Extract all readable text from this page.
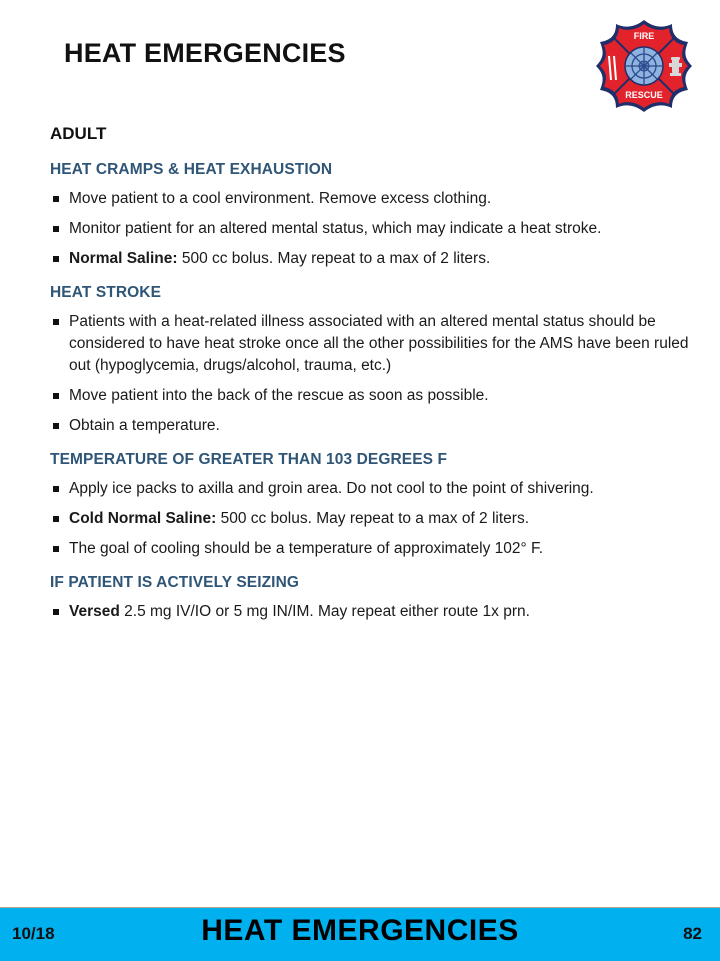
HEAT EMERGENCIES
FIRE
RESCUE
ADULT
HEAT CRAMPS & HEAT EXHAUSTION
Move patient to a cool environment. Remove excess clothing.
Monitor patient for an altered mental status, which may indicate a heat stroke.
Normal Saline: 500 cc bolus. May repeat to a max of 2 liters.
HEAT STROKE
Patients with a heat-related illness associated with an altered mental status should be considered to have heat stroke once all the other possibilities for the AMS have been ruled out (hypoglycemia, drugs/alcohol, trauma, etc.)
Move patient into the back of the rescue as soon as possible.
Obtain a temperature.
TEMPERATURE OF GREATER THAN 103 DEGREES F
Apply ice packs to axilla and groin area. Do not cool to the point of shivering.
Cold Normal Saline: 500 cc bolus. May repeat to a max of 2 liters.
The goal of cooling should be a temperature of approximately 102° F.
IF PATIENT IS ACTIVELY SEIZING
Versed 2.5 mg IV/IO or 5 mg IN/IM. May repeat either route 1x prn.
10/18	HEAT EMERGENCIES	82
